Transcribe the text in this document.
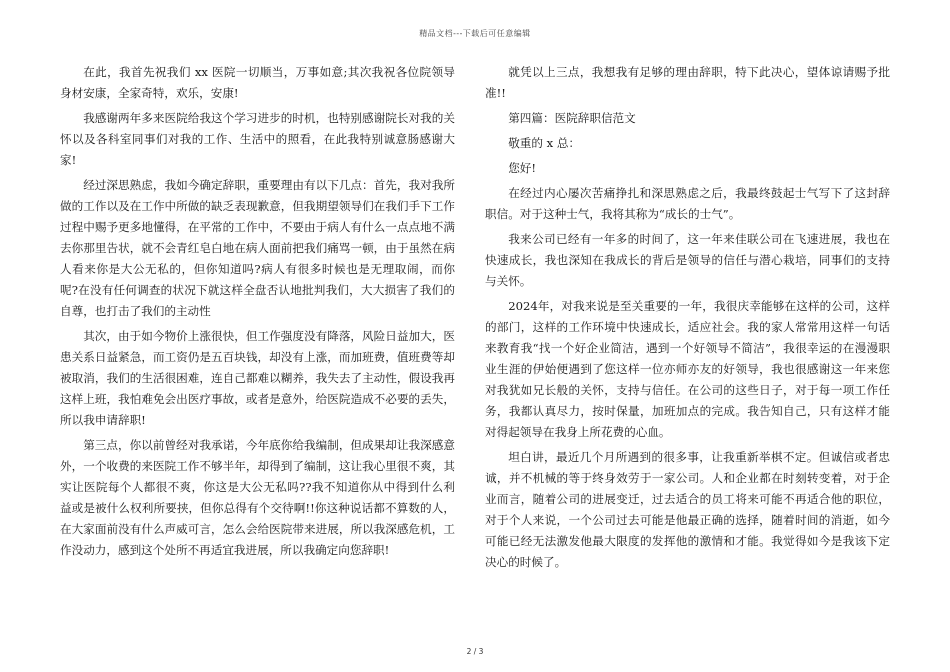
精品文档---下载后可任意编辑

在此，我首先祝我们 xx 医院一切顺当，万事如意;其次我祝各位院领导身材安康，全家奇特，欢乐，安康!

我感谢两年多来医院给我这个学习进步的时机，也特别感谢院长对我的关怀以及各科室同事们对我的工作、生活中的照看，在此我特别诚意肠感谢大家!

经过深思熟虑，我如今确定辞职，重要理由有以下几点：首先，我对我所做的工作以及在工作中所做的缺乏表现歉意，但我期望领导们在我们手下工作过程中赐予更多地懂得，在平常的工作中，不要由于病人有什么一点点地不满去你那里告状，就不会青红皂白地在病人面前把我们痛骂一顿，由于虽然在病人看来你是大公无私的，但你知道吗?病人有很多时候也是无理取闹，而你呢?在没有任何调查的状况下就这样全盘否认地批判我们，大大损害了我们的自尊，也打击了我们的主动性

其次，由于如今物价上涨很快，但工作强度没有降落，风险日益加大，医患关系日益紧急，而工资仍是五百块钱，却没有上涨，而加班费，值班费等却被取消，我们的生活很困难，连自己都难以糊养，我失去了主动性，假设我再这样上班，我怕难免会出医疗事故，或者是意外，给医院造成不必要的丢失，所以我申请辞职!

第三点，你以前曾经对我承诺，今年底你给我编制，但成果却让我深感意外，一个收费的来医院工作不够半年，却得到了编制，这让我心里很不爽，其实让医院每个人都很不爽，你这是大公无私吗??我不知道你从中得到什么利益或是被什么权利所要挟，但你总得有个交待啊!!你这种说话都不算数的人，在大家面前没有什么声威可言，怎么会给医院带来进展，所以我深感危机，工作没动力，感到这个处所不再适宜我进展，所以我确定向您辞职!

就凭以上三点，我想我有足够的理由辞职，特下此决心，望体谅请赐予批准!!

第四篇：医院辞职信范文

敬重的 x 总：

您好!

在经过内心屡次苦痛挣扎和深思熟虑之后，我最终鼓起士气写下了这封辞职信。对于这种士气，我将其称为“成长的士气”。

我来公司已经有一年多的时间了，这一年来佳联公司在飞速进展，我也在快速成长，我也深知在我成长的背后是领导的信任与潜心栽培，同事们的支持与关怀。

2024年，对我来说是至关重要的一年，我很庆幸能够在这样的公司，这样的部门，这样的工作环境中快速成长，适应社会。我的家人常常用这样一句话来教育我“找一个好企业简洁，遇到一个好领导不简洁”，我很幸运的在漫漫职业生涯的伊始便遇到了您这样一位亦师亦友的好领导，我也很感谢这一年来您对我犹如兄长般的关怀，支持与信任。在公司的这些日子，对于每一项工作任务，我都认真尽力，按时保量，加班加点的完成。我告知自己，只有这样才能对得起领导在我身上所花费的心血。

坦白讲，最近几个月所遇到的很多事，让我重新举棋不定。但诚信或者忠诚，并不机械的等于终身效劳于一家公司。人和企业都在时刻转变着，对于企业而言，随着公司的进展变迁，过去适合的员工将来可能不再适合他的职位，对于个人来说，一个公司过去可能是他最正确的选择，随着时间的消逝，如今可能已经无法激发他最大限度的发挥他的激情和才能。我觉得如今是我该下定决心的时候了。

2 / 3
